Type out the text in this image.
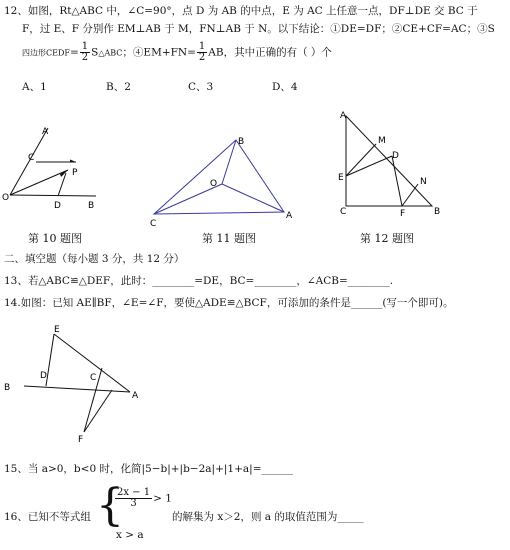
12、如图，Rt△ABC 中，∠C=90°，点 D 为 AB 的中点，E 为 AC 上任意一点，DF⊥DE 交 BC 于
F，过 E、F 分别作 EM⊥AB 于 M，FN⊥AB 于 N。以下结论：①DE=DF；②CE+CF=AC；③S
四边形CEDF= $\frac{1}{2}$ S△ABC；④EM+FN= $\frac{1}{2}$ AB，其中正确的有（ ）个
A、1	B、2	C、3	D、4
A
C
O
P
D	B
第 10 题图
B
O
C
A
第 11 题图
A
M
D
E	N
C	F	B
第 12 题图
二、填空题（每小题 3 分，共 12 分）
13、若△ABC≌△DEF，此时：________=DE，BC=________，∠ACB=________.
14.如图：已知 AE∥BF，∠E=∠F，要使△ADE≌△BCF，可添加的条件是______(写一个即可)。
E
D	C
B
A
F
15、当 a>0，b<0 时，化简|5−b|+|b−2a|+|1+a|=______
16、已知不等式组 {
$\frac{2x - 1}{3} > 1$
x > a
的解集为 x＞2，则 a 的取值范围为_____
